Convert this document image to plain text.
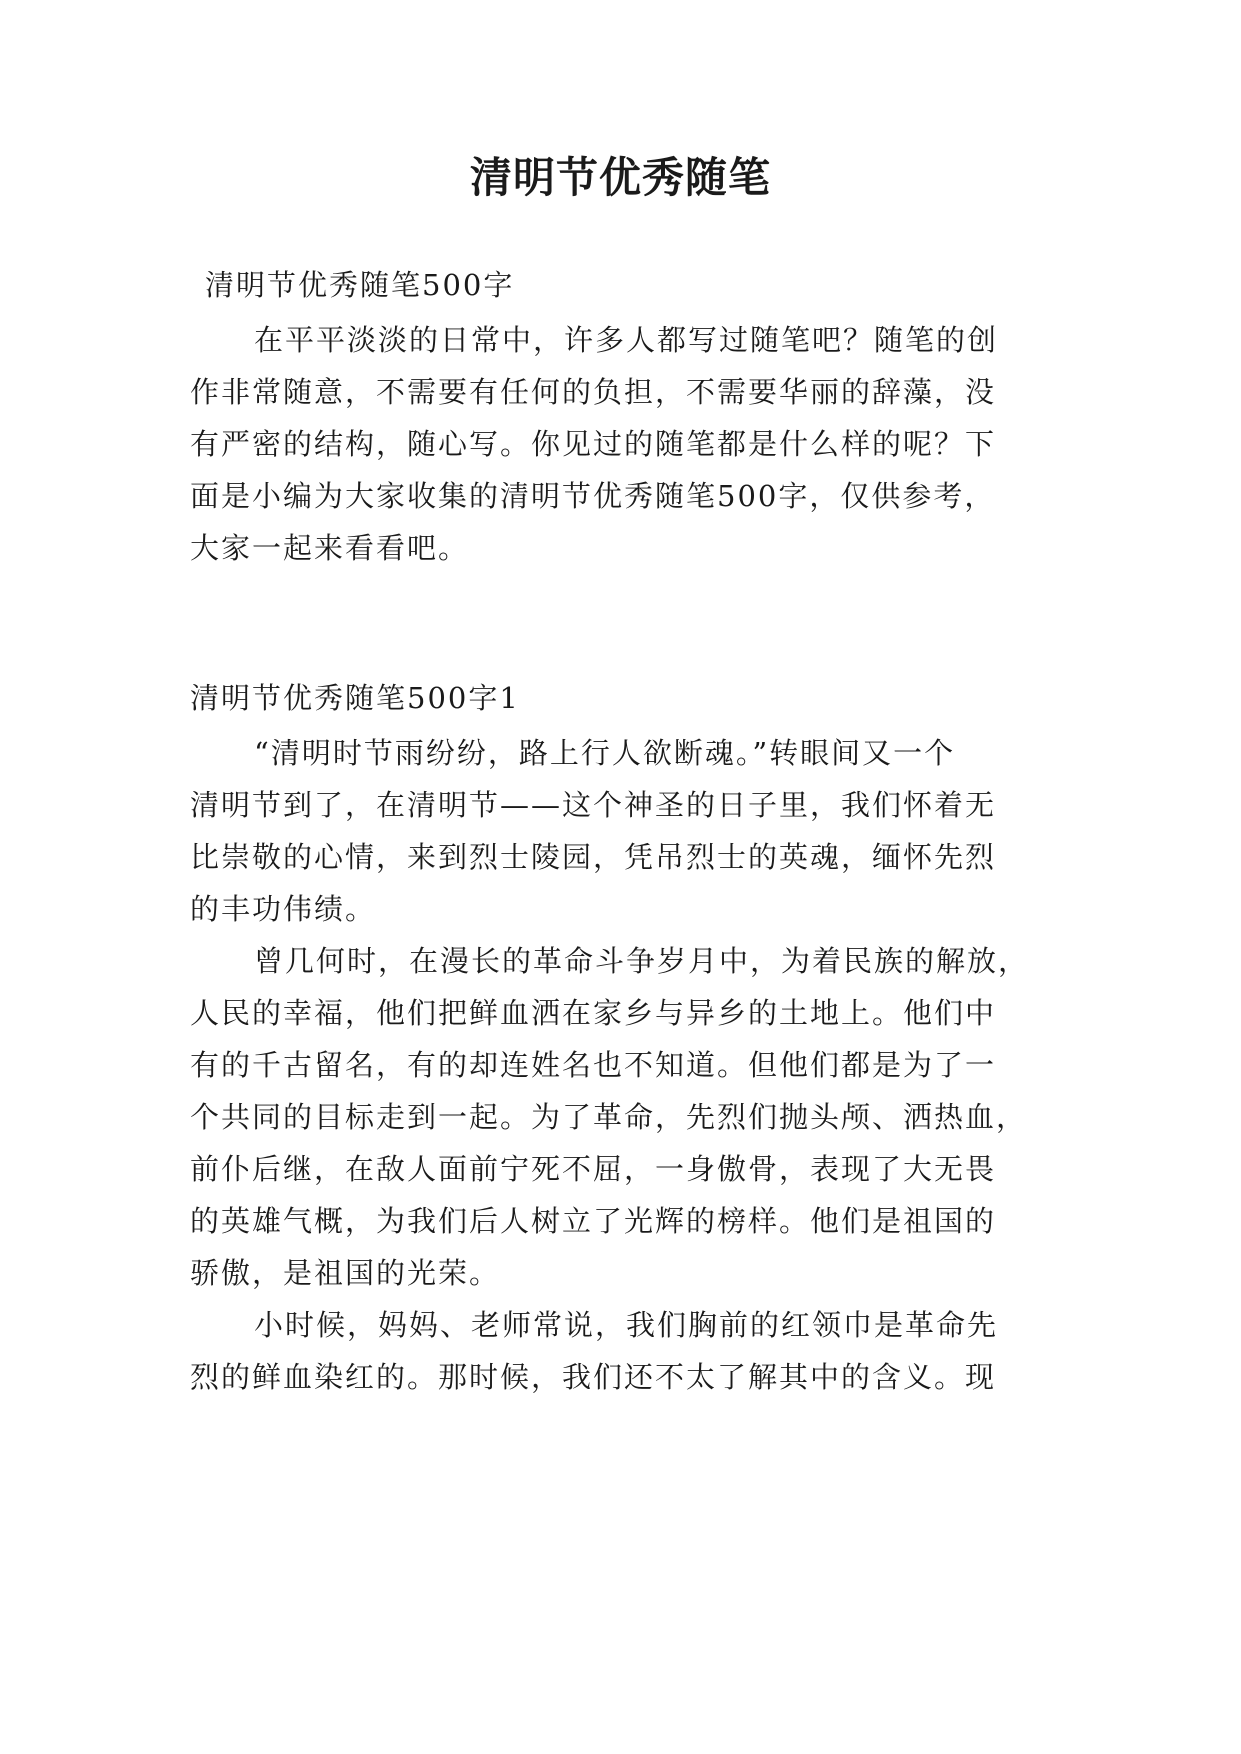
清明节优秀随笔

清明节优秀随笔500字

在平平淡淡的日常中，许多人都写过随笔吧？随笔的创

作非常随意，不需要有任何的负担，不需要华丽的辞藻，没

有严密的结构，随心写。你见过的随笔都是什么样的呢？下

面是小编为大家收集的清明节优秀随笔500字，仅供参考，

大家一起来看看吧。

清明节优秀随笔500字1

“清明时节雨纷纷，路上行人欲断魂。”转眼间又一个

清明节到了，在清明节——这个神圣的日子里，我们怀着无

比崇敬的心情，来到烈士陵园，凭吊烈士的英魂，缅怀先烈

的丰功伟绩。

曾几何时，在漫长的革命斗争岁月中，为着民族的解放，

人民的幸福，他们把鲜血洒在家乡与异乡的土地上。他们中

有的千古留名，有的却连姓名也不知道。但他们都是为了一

个共同的目标走到一起。为了革命，先烈们抛头颅、洒热血，

前仆后继，在敌人面前宁死不屈，一身傲骨，表现了大无畏

的英雄气概，为我们后人树立了光辉的榜样。他们是祖国的

骄傲，是祖国的光荣。

小时候，妈妈、老师常说，我们胸前的红领巾是革命先

烈的鲜血染红的。那时候，我们还不太了解其中的含义。现
